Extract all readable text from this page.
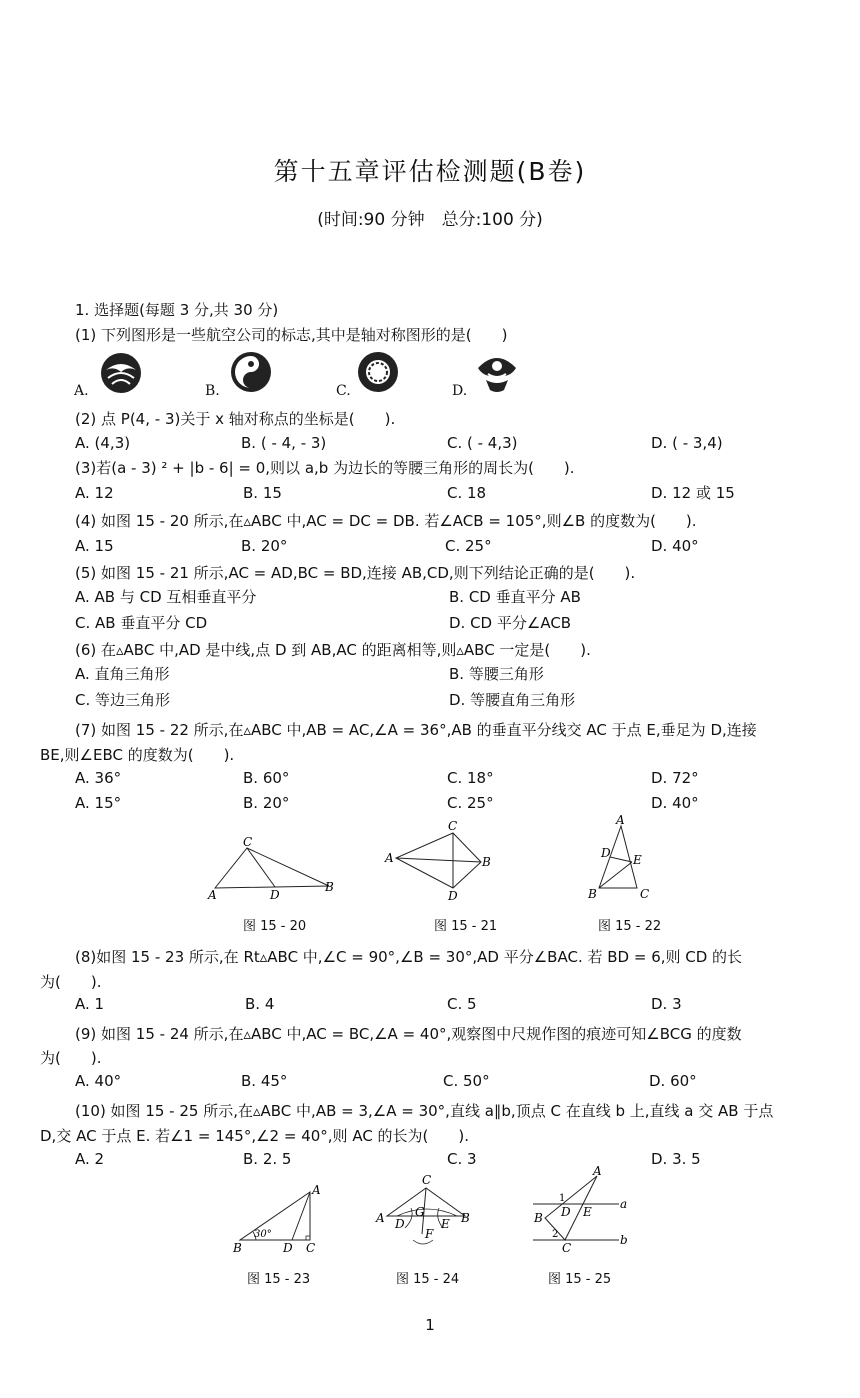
第十五章评估检测题(B卷)
(时间:90 分钟　总分:100 分)
1. 选择题(每题 3 分,共 30 分)
(1) 下列图形是一些航空公司的标志,其中是轴对称图形的是(　　)
A.	B.	C.	D.
(2) 点 P(4, - 3)关于 x 轴对称点的坐标是(　　).
A. (4,3)	B. ( - 4, - 3)	C. ( - 4,3)	D. ( - 3,4)
(3)若(a - 3) ² + |b - 6| = 0,则以 a,b 为边长的等腰三角形的周长为(　　).
A. 12	B. 15	C. 18	D. 12 或 15
(4) 如图 15 - 20 所示,在▵ABC 中,AC = DC = DB. 若∠ACB = 105°,则∠B 的度数为(　　).
A. 15	B. 20°	C. 25°	D. 40°
(5) 如图 15 - 21 所示,AC = AD,BC = BD,连接 AB,CD,则下列结论正确的是(　　).
A. AB 与 CD 互相垂直平分	B. CD 垂直平分 AB
C. AB 垂直平分 CD	D. CD 平分∠ACB
(6) 在▵ABC 中,AD 是中线,点 D 到 AB,AC 的距离相等,则▵ABC 一定是(　　).
A. 直角三角形	B. 等腰三角形
C. 等边三角形	D. 等腰直角三角形
(7) 如图 15 - 22 所示,在▵ABC 中,AB = AC,∠A = 36°,AB 的垂直平分线交 AC 于点 E,垂足为 D,连接
BE,则∠EBC 的度数为(　　).
A. 36°	B. 60°	C. 18°	D. 72°
A. 15°	B. 20°	C. 25°	D. 40°
C
A	D
B
图 15 - 20
C
A	B
D
图 15 - 21
A
D E
B	C
图 15 - 22
(8)如图 15 - 23 所示,在 Rt▵ABC 中,∠C = 90°,∠B = 30°,AD 平分∠BAC. 若 BD = 6,则 CD 的长
为(　　).
A. 1	B. 4	C. 5	D. 3
(9) 如图 15 - 24 所示,在▵ABC 中,AC = BC,∠A = 40°,观察图中尺规作图的痕迹可知∠BCG 的度数
为(　　).
A. 40°	B. 45°	C. 50°	D. 60°
(10) 如图 15 - 25 所示,在▵ABC 中,AB = 3,∠A = 30°,直线 a∥b,顶点 C 在直线 b 上,直线 a 交 AB 于点
D,交 AC 于点 E. 若∠1 = 145°,∠2 = 40°,则 AC 的长为(　　).
A. 2	B. 2. 5	C. 3	D. 3. 5
A
30°
B	D C
图 15 - 23
C
A D
G
E B
F
图 15 - 24
A
1
D E
a
B
2
C
b
图 15 - 25
1
